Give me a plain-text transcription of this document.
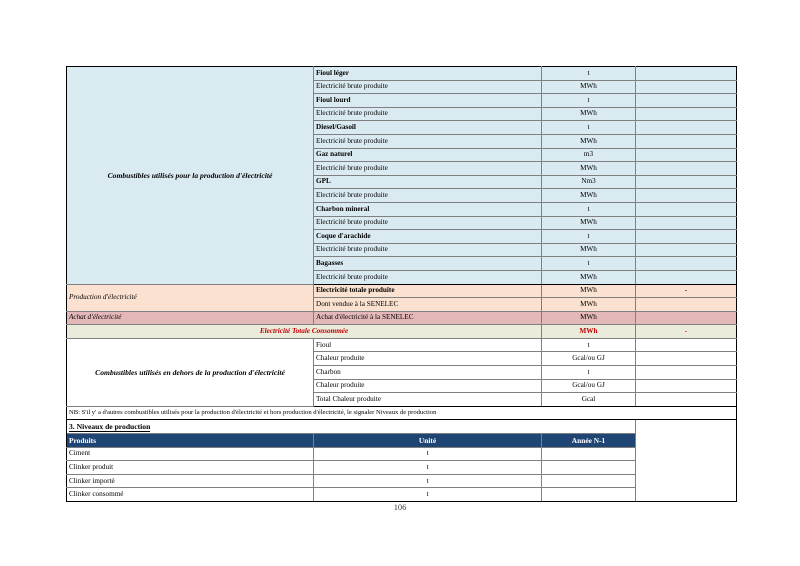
Combustibles utilisés pour la production d'électricité	Fioul léger	t	
	Electricité brute produite	MWh	
	Fioul lourd	t	
	Electricité brute produite	MWh	
	Diesel/Gasoil	t	
	Electricité brute produite	MWh	
	Gaz naturel	m3	
	Electricité brute produite	MWh	
	GPL	Nm3	
	Electricité brute produite	MWh	
	Charbon mineral	t	
	Electricité brute produite	MWh	
	Coque d'arachide	t	
	Electricité brute produite	MWh	
	Bagasses	t	
	Electricité brute produite	MWh	
Production d'électricité	Electricité totale produite	MWh	-
	Dont vendue à la SENELEC	MWh	
Achat d'électricité	Achat d'électricité à la SENELEC	MWh	
Electricité Totale Consommée		MWh	-
Combustibles utilisés en dehors de la production d'électricité	Fioul	t	
	Chaleur produite	Gcal/ou GJ	
	Charbon	t	
	Chaleur produite	Gcal/ou GJ	
	Total Chaleur produite	Gcal	
NB: S'il y' a d'autres combustibles utilisés pour la production d'électricité et hors production d'électricité, le signaler Niveaux de production			
3. Niveaux de production			
Produits	Unité	Année N-1	
Ciment	t		
Clinker produit	t		
Clinker importé	t		
Clinker consommé	t		
106
